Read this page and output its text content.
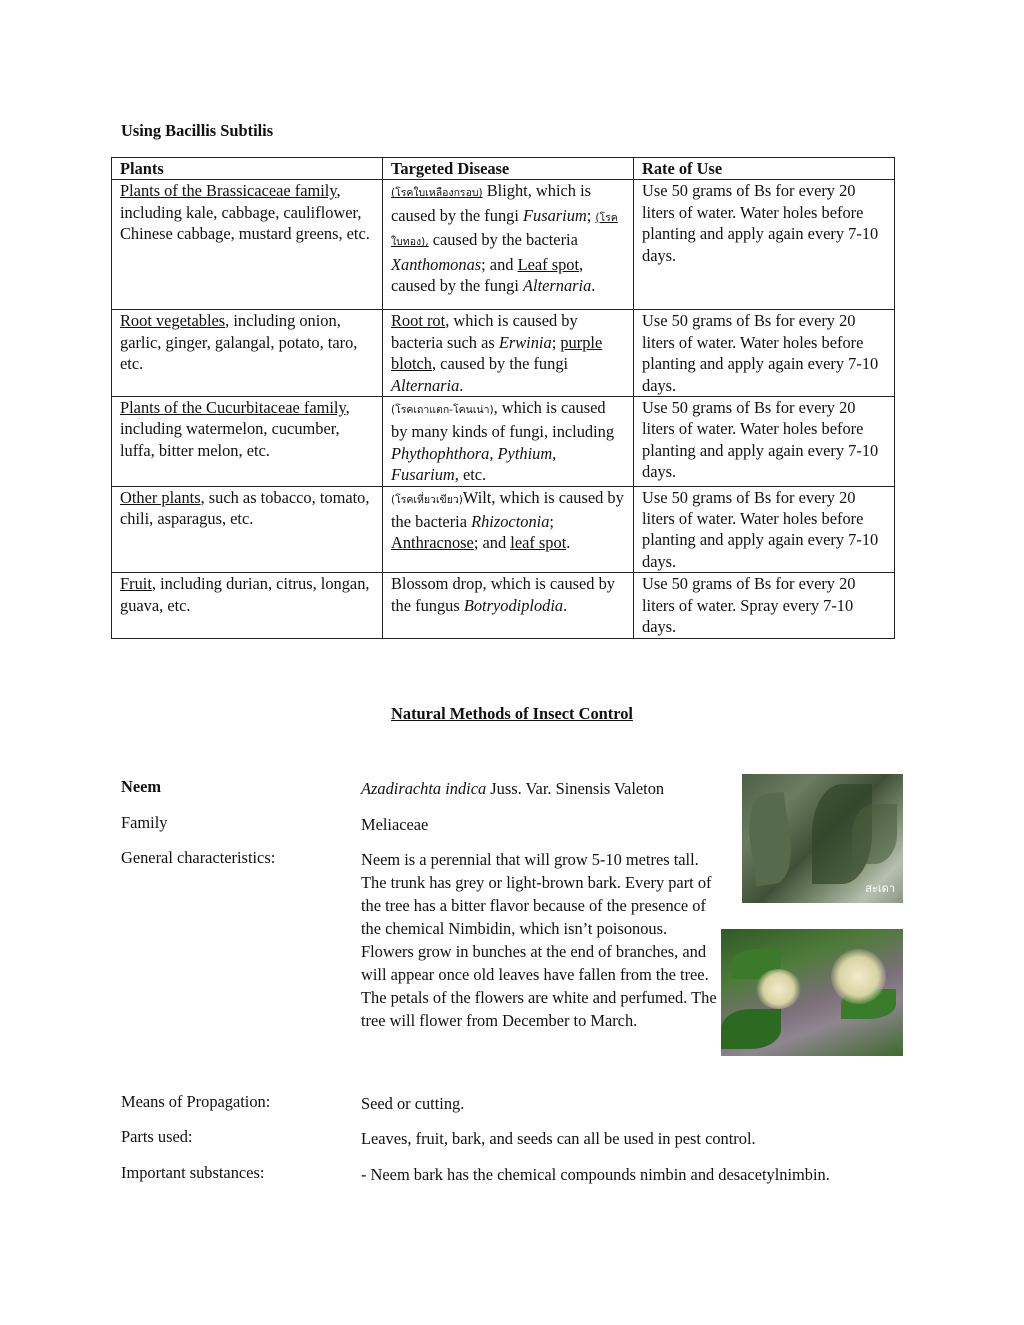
Using Bacillis Subtilis
Plants	Targeted Disease	Rate of Use
Plants of the Brassicaceae family, including kale, cabbage, cauliflower, Chinese cabbage, mustard greens, etc.	(โรคใบเหลืองกรอบ) Blight, which is caused by the fungi Fusarium; (โรคใบทอง), caused by the bacteria Xanthomonas; and Leaf spot, caused by the fungi Alternaria.	Use 50 grams of Bs for every 20 liters of water. Water holes before planting and apply again every 7-10 days.
Root vegetables, including onion, garlic, ginger, galangal, potato, taro, etc.	Root rot, which is caused by bacteria such as Erwinia; purple blotch, caused by the fungi Alternaria.	Use 50 grams of Bs for every 20 liters of water. Water holes before planting and apply again every 7-10 days.
Plants of the Cucurbitaceae family, including watermelon, cucumber, luffa, bitter melon, etc.	(โรคเถาแตก-โคนเน่า), which is caused by many kinds of fungi, including Phythophthora, Pythium, Fusarium, etc.	Use 50 grams of Bs for every 20 liters of water. Water holes before planting and apply again every 7-10 days.
Other plants, such as tobacco, tomato, chili, asparagus, etc.	(โรคเหี่ยวเขียว)Wilt, which is caused by the bacteria Rhizoctonia; Anthracnose; and leaf spot.	Use 50 grams of Bs for every 20 liters of water. Water holes before planting and apply again every 7-10 days.
Fruit, including durian, citrus, longan, guava, etc.	Blossom drop, which is caused by the fungus Botryodiplodia.	Use 50 grams of Bs for every 20 liters of water. Spray every 7-10 days.
Natural Methods of Insect Control
Neem	Azadirachta indica Juss. Var. Sinensis Valeton
Family	Meliaceae
General characteristics:	Neem is a perennial that will grow 5-10 metres tall. The trunk has grey or light-brown bark. Every part of the tree has a bitter flavor because of the presence of the chemical Nimbidin, which isn’t poisonous. Flowers grow in bunches at the end of branches, and will appear once old leaves have fallen from the tree. The petals of the flowers are white and perfumed. The tree will flower from December to March.
Means of Propagation:	Seed or cutting.
Parts used:	Leaves, fruit, bark, and seeds can all be used in pest control.
Important substances:	- Neem bark has the chemical compounds nimbin and desacetylnimbin.
สะเดา
